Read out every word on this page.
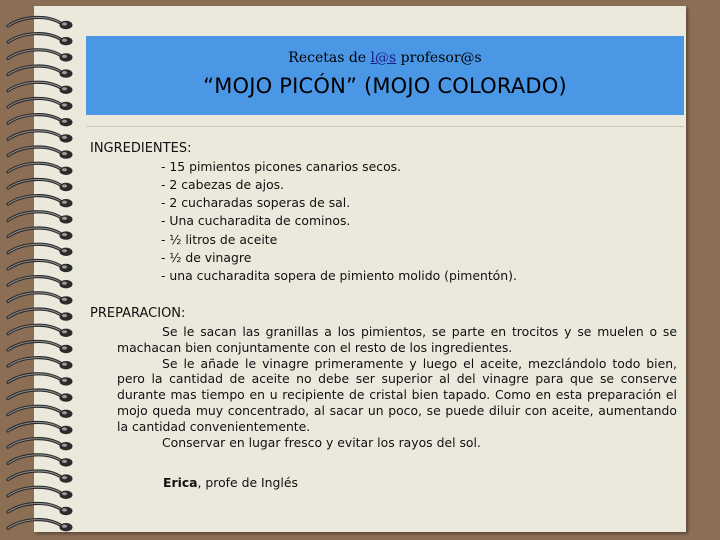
Recetas de l@s profesor@s
“MOJO PICÓN” (MOJO COLORADO)
INGREDIENTES:
- 15 pimientos picones canarios secos.
- 2 cabezas de ajos.
- 2 cucharadas soperas de sal.
- Una cucharadita de cominos.
- ½ litros de aceite
- ½ de vinagre
- una cucharadita sopera de pimiento molido (pimentón).
PREPARACION:

Se le sacan las granillas a los pimientos, se parte en trocitos y se muelen o se machacan bien conjuntamente con el resto de los ingredientes.

Se le añade le vinagre primeramente y luego el aceite, mezclándolo todo bien, pero la cantidad de aceite no debe ser superior al del vinagre para que se conserve durante mas tiempo en u recipiente de cristal bien tapado. Como en esta preparación el mojo queda muy concentrado, al sacar un poco, se puede diluir con aceite, aumentando la cantidad convenientemente.

Conservar en lugar fresco y evitar los rayos del sol.

Erica, profe de Inglés
